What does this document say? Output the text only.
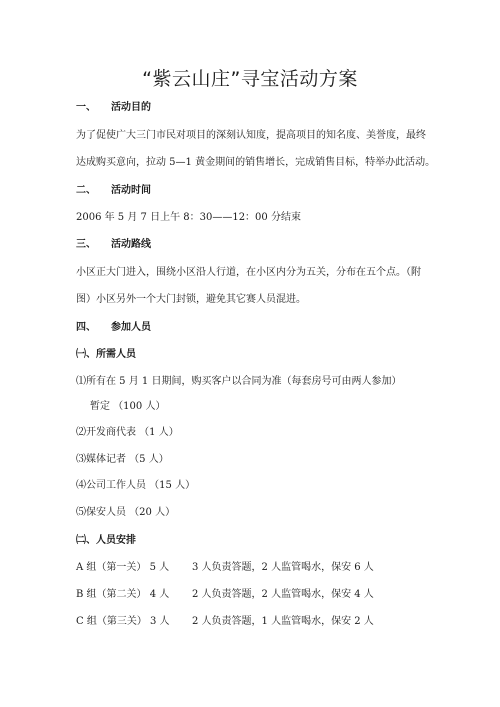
“紫云山庄”寻宝活动方案
一、 活动目的
为了促使广大三门市民对项目的深刻认知度，提高项目的知名度、美誉度，最终
达成购买意向，拉动 5—1 黄金期间的销售增长，完成销售目标，特举办此活动。
二、 活动时间
2006 年 5 月 7 日上午 8：30——12：00 分结束
三、 活动路线
小区正大门进入，围绕小区沿人行道，在小区内分为五关，分布在五个点。（附
图）小区另外一个大门封锁，避免其它赛人员混进。
四、 参加人员
㈠、所需人员
⑴所有在 5 月 1 日期间，购买客户以合同为准（每套房号可由两人参加）
暂定 （100 人）
⑵开发商代表 （1 人）
⑶媒体记者 （5 人）
⑷公司工作人员 （15 人）
⑸保安人员 （20 人）
㈡、人员安排
A 组（第一关） 5 人 3 人负责答题，2 人监管喝水，保安 6 人
B 组（第二关） 4 人 2 人负责答题，2 人监管喝水，保安 4 人
C 组（第三关） 3 人 2 人负责答题，1 人监管喝水，保安 2 人
